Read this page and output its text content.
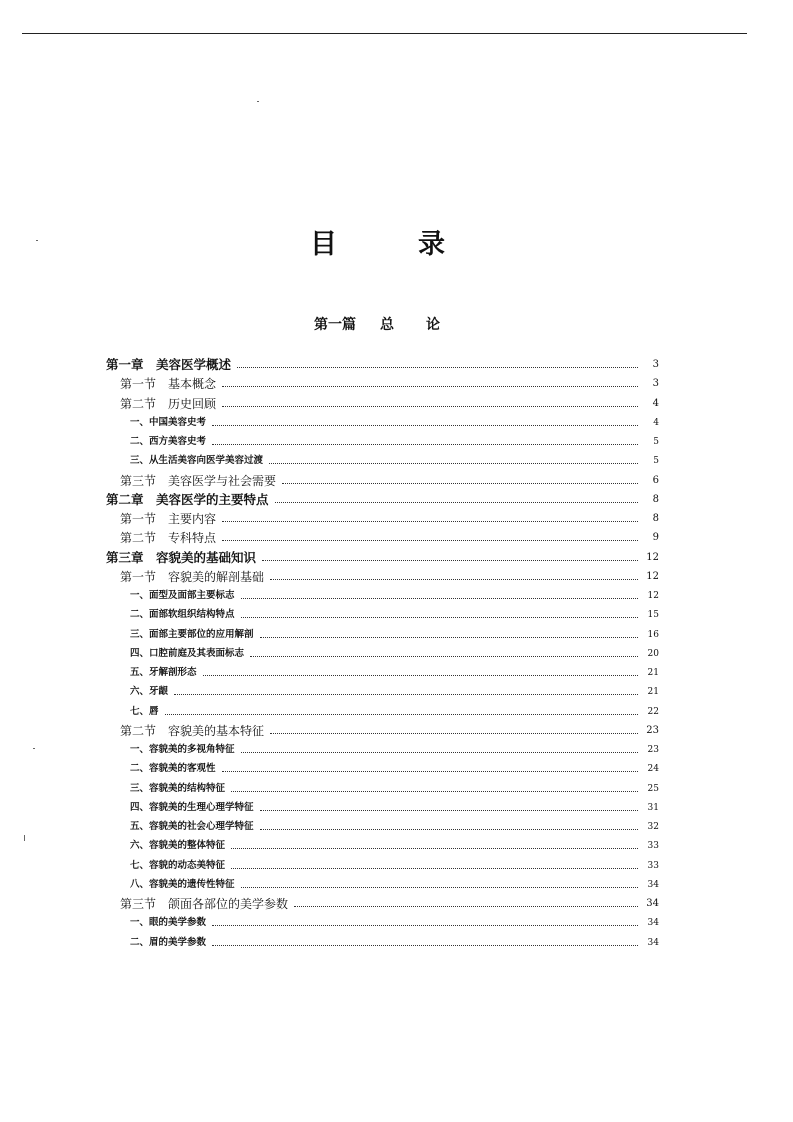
目	录
第一篇 总 论
第一章　美容医学概述	3
第一节　基本概念	3
第二节　历史回顾	4
一、中国美容史考	4
二、西方美容史考	5
三、从生活美容向医学美容过渡	5
第三节　美容医学与社会需要	6
第二章　美容医学的主要特点	8
第一节　主要内容	8
第二节　专科特点	9
第三章　容貌美的基础知识	12
第一节　容貌美的解剖基础	12
一、面型及面部主要标志	12
二、面部软组织结构特点	15
三、面部主要部位的应用解剖	16
四、口腔前庭及其表面标志	20
五、牙解剖形态	21
六、牙龈	21
七、唇	22
第二节　容貌美的基本特征	23
一、容貌美的多视角特征	23
二、容貌美的客观性	24
三、容貌美的结构特征	25
四、容貌美的生理心理学特征	31
五、容貌美的社会心理学特征	32
六、容貌美的整体特征	33
七、容貌的动态美特征	33
八、容貌美的遗传性特征	34
第三节　颌面各部位的美学参数	34
一、眼的美学参数	34
二、眉的美学参数	34
